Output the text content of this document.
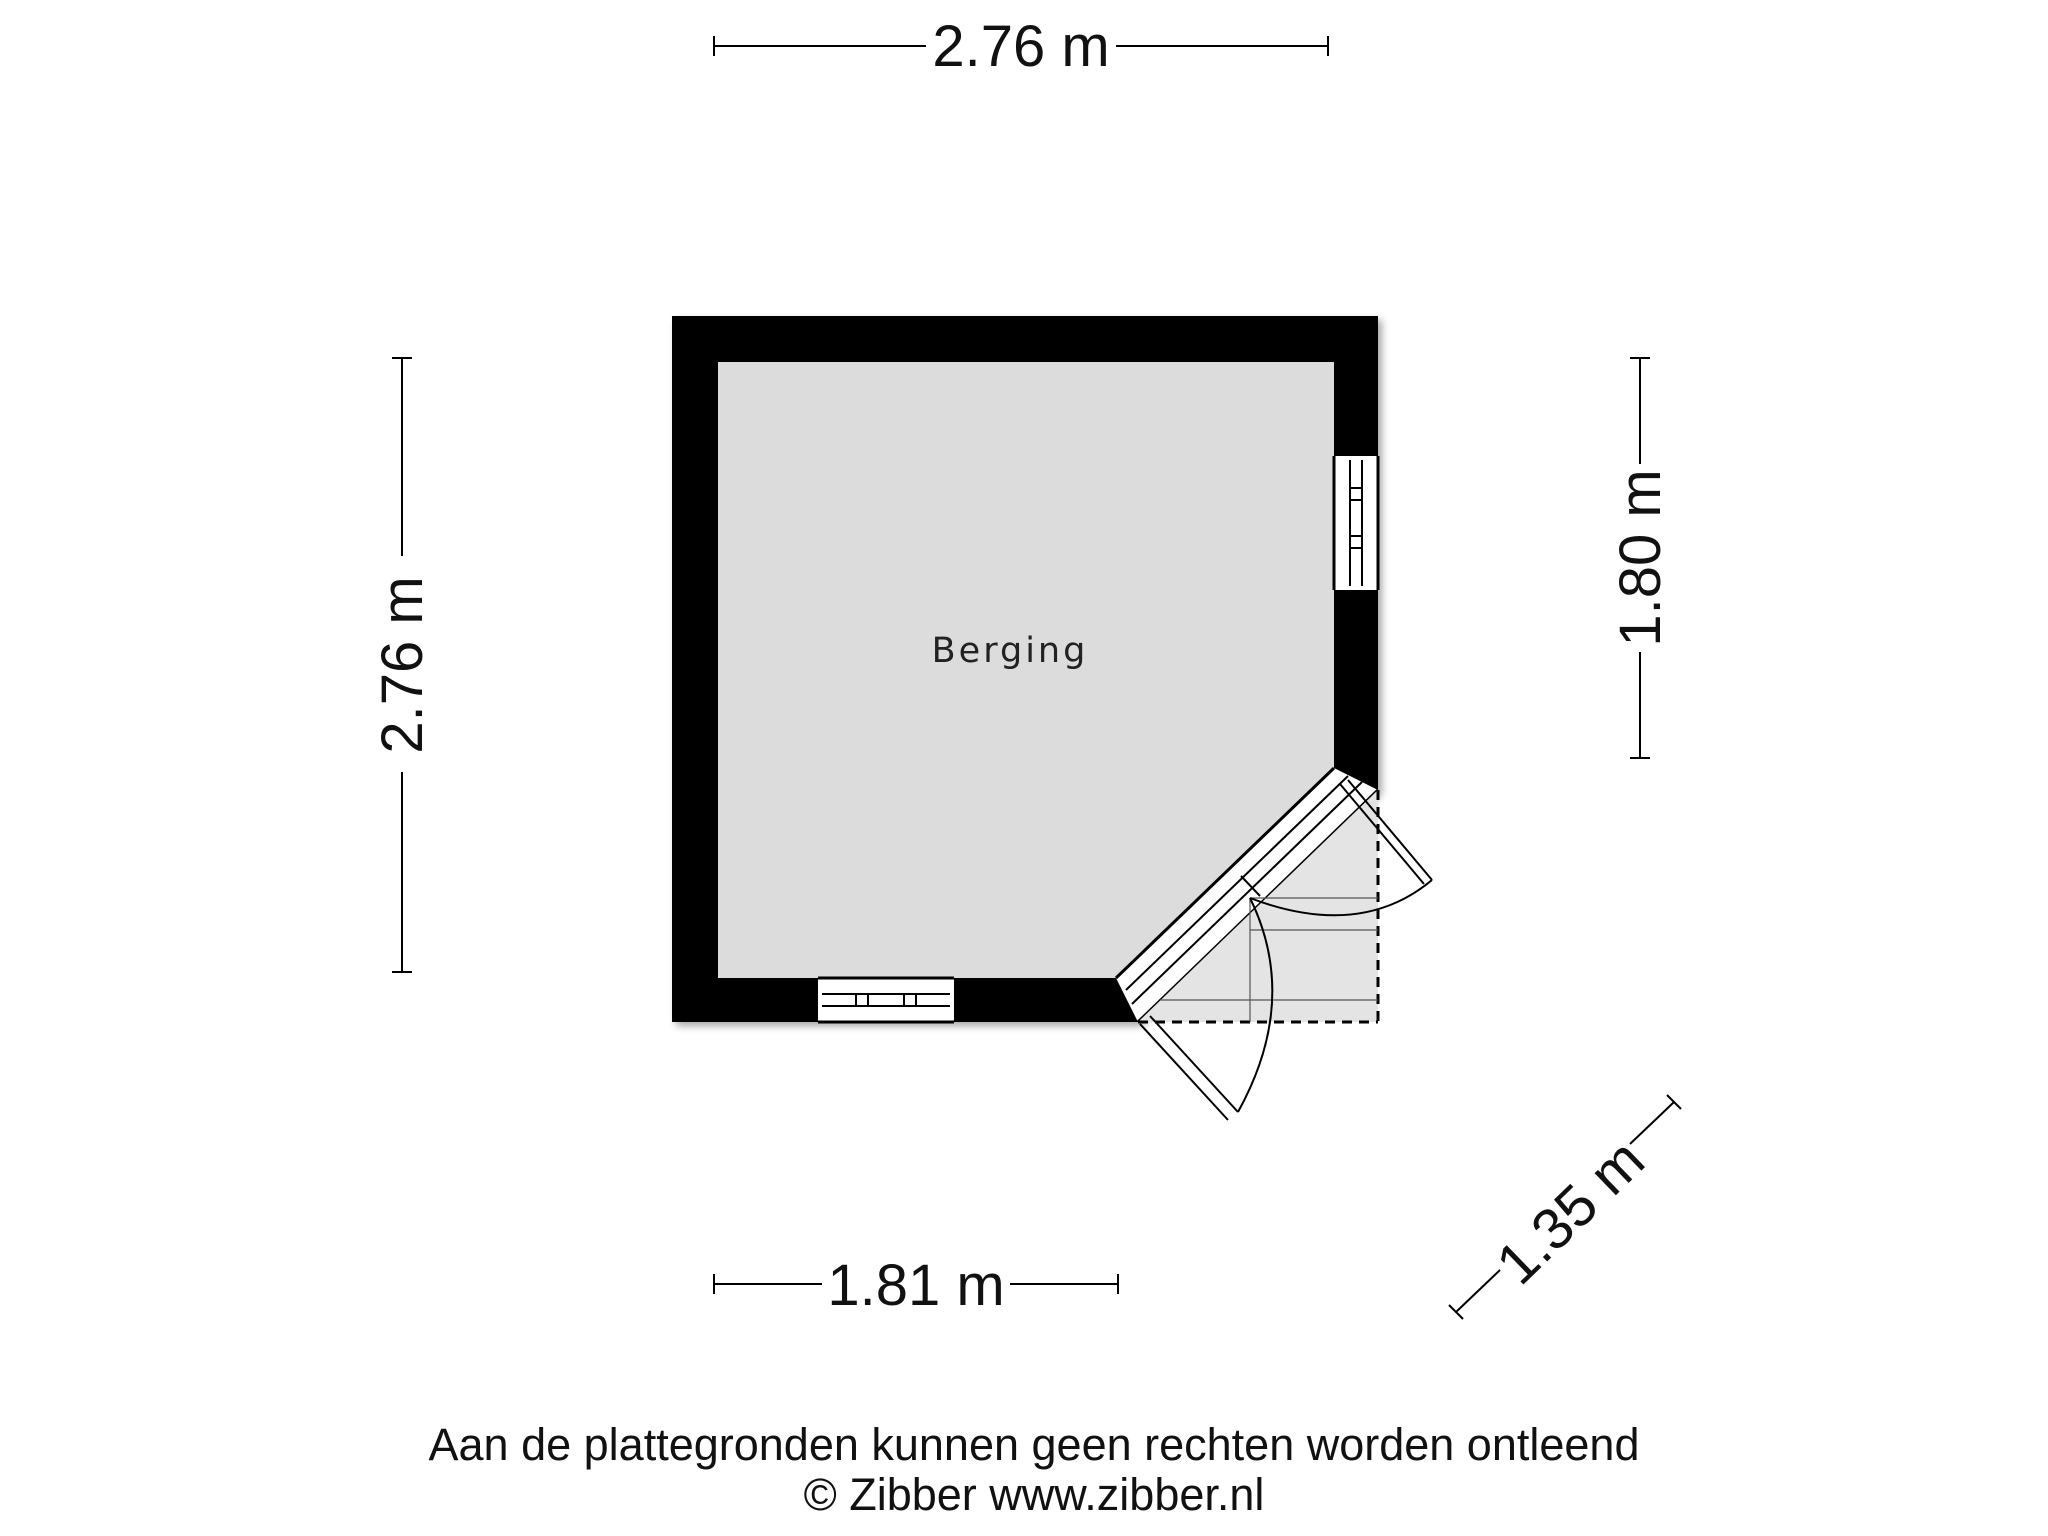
Berging
2.76 m
2.76 m
1.80 m
1.81 m	1.35 m
Aan de plattegronden kunnen geen rechten worden ontleend
© Zibber www.zibber.nl
